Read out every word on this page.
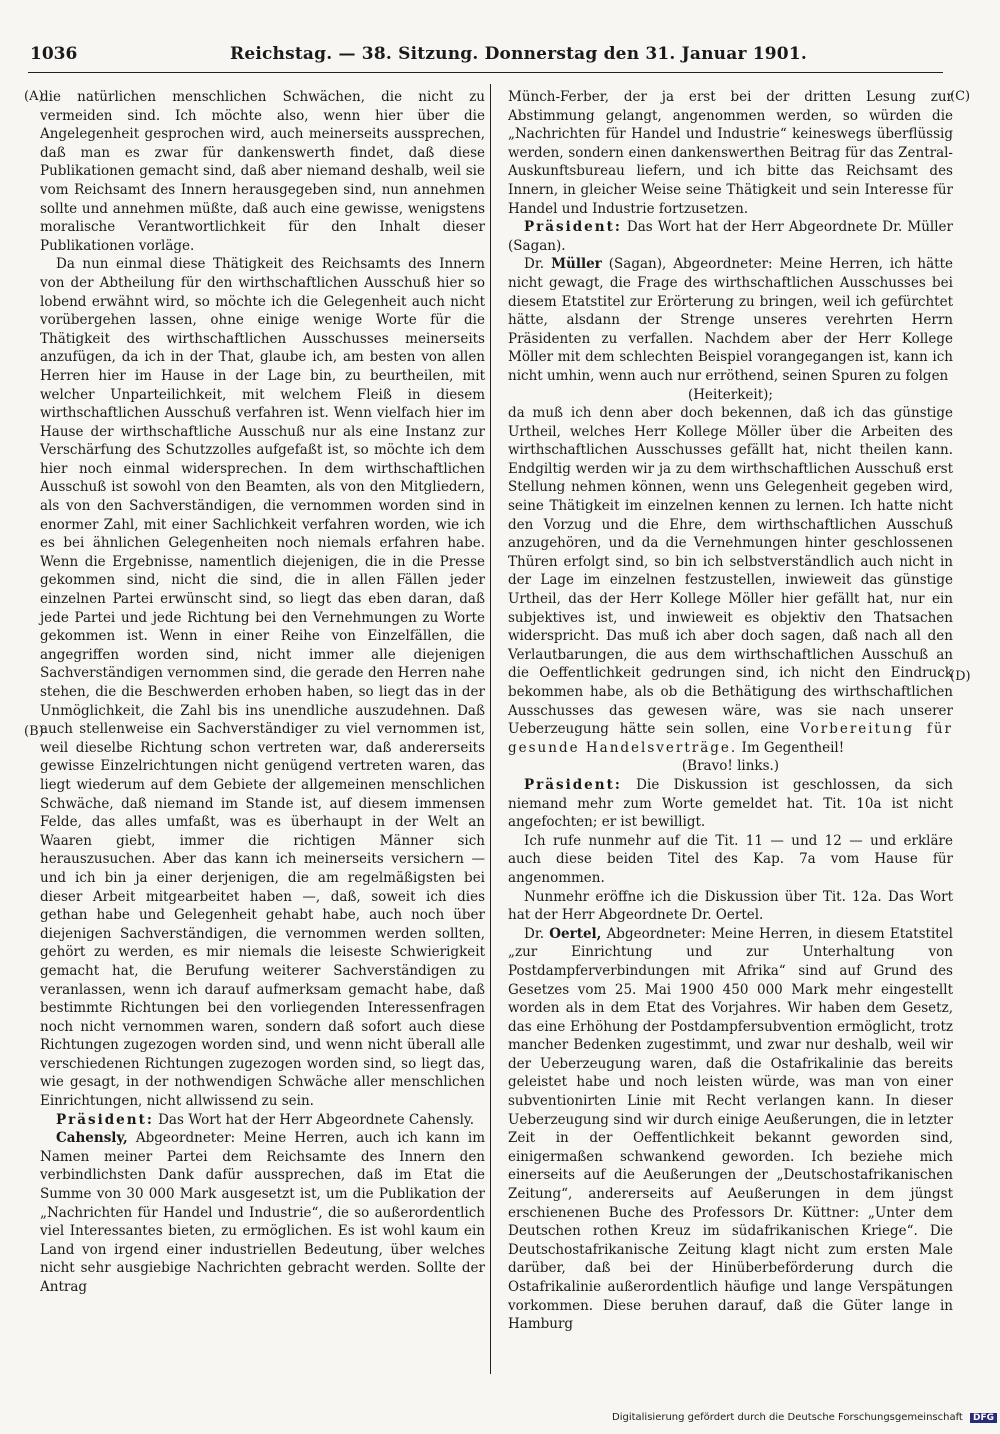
1036	Reichstag. — 38. Sitzung. Donnerstag den 31. Januar 1901.
(A)
(B)
(C)
(D)

die natürlichen menschlichen Schwächen, die nicht zu vermeiden sind. Ich möchte also, wenn hier über die Angelegenheit gesprochen wird, auch meinerseits aussprechen, daß man es zwar für dankenswerth findet, daß diese Publikationen gemacht sind, daß aber niemand deshalb, weil sie vom Reichsamt des Innern herausgegeben sind, nun annehmen sollte und annehmen müßte, daß auch eine gewisse, wenigstens moralische Verantwortlichkeit für den Inhalt dieser Publikationen vorläge.

Da nun einmal diese Thätigkeit des Reichsamts des Innern von der Abtheilung für den wirthschaftlichen Ausschuß hier so lobend erwähnt wird, so möchte ich die Gelegenheit auch nicht vorübergehen lassen, ohne einige wenige Worte für die Thätigkeit des wirthschaftlichen Ausschusses meinerseits anzufügen, da ich in der That, glaube ich, am besten von allen Herren hier im Hause in der Lage bin, zu beurtheilen, mit welcher Unparteilichkeit, mit welchem Fleiß in diesem wirthschaftlichen Ausschuß verfahren ist. Wenn vielfach hier im Hause der wirthschaftliche Ausschuß nur als eine Instanz zur Verschärfung des Schutzzolles aufgefaßt ist, so möchte ich dem hier noch einmal widersprechen. In dem wirthschaftlichen Ausschuß ist sowohl von den Beamten, als von den Mitgliedern, als von den Sachverständigen, die vernommen worden sind in enormer Zahl, mit einer Sachlichkeit verfahren worden, wie ich es bei ähnlichen Gelegenheiten noch niemals erfahren habe. Wenn die Ergebnisse, namentlich diejenigen, die in die Presse gekommen sind, nicht die sind, die in allen Fällen jeder einzelnen Partei erwünscht sind, so liegt das eben daran, daß jede Partei und jede Richtung bei den Vernehmungen zu Worte gekommen ist. Wenn in einer Reihe von Einzelfällen, die angegriffen worden sind, nicht immer alle diejenigen Sachverständigen vernommen sind, die gerade den Herren nahe stehen, die die Beschwerden erhoben haben, so liegt das in der Unmöglichkeit, die Zahl bis ins unendliche auszudehnen. Daß auch stellenweise ein Sachverständiger zu viel vernommen ist, weil dieselbe Richtung schon vertreten war, daß andererseits gewisse Einzelrichtungen nicht genügend vertreten waren, das liegt wiederum auf dem Gebiete der allgemeinen menschlichen Schwäche, daß niemand im Stande ist, auf diesem immensen Felde, das alles umfaßt, was es überhaupt in der Welt an Waaren giebt, immer die richtigen Männer sich herauszusuchen. Aber das kann ich meinerseits versichern — und ich bin ja einer derjenigen, die am regelmäßigsten bei dieser Arbeit mitgearbeitet haben —, daß, soweit ich dies gethan habe und Gelegenheit gehabt habe, auch noch über diejenigen Sachverständigen, die vernommen werden sollten, gehört zu werden, es mir niemals die leiseste Schwierigkeit gemacht hat, die Berufung weiterer Sachverständigen zu veranlassen, wenn ich darauf aufmerksam gemacht habe, daß bestimmte Richtungen bei den vorliegenden Interessenfragen noch nicht vernommen waren, sondern daß sofort auch diese Richtungen zugezogen worden sind, und wenn nicht überall alle verschiedenen Richtungen zugezogen worden sind, so liegt das, wie gesagt, in der nothwendigen Schwäche aller menschlichen Einrichtungen, nicht allwissend zu sein.

Präsident: Das Wort hat der Herr Abgeordnete Cahensly.

Cahensly, Abgeordneter: Meine Herren, auch ich kann im Namen meiner Partei dem Reichsamte des Innern den verbindlichsten Dank dafür aussprechen, daß im Etat die Summe von 30 000 Mark ausgesetzt ist, um die Publikation der „Nachrichten für Handel und Industrie“, die so außerordentlich viel Interessantes bieten, zu ermöglichen. Es ist wohl kaum ein Land von irgend einer industriellen Bedeutung, über welches nicht sehr ausgiebige Nachrichten gebracht werden. Sollte der Antrag

Münch-Ferber, der ja erst bei der dritten Lesung zur Abstimmung gelangt, angenommen werden, so würden die „Nachrichten für Handel und Industrie“ keineswegs überflüssig werden, sondern einen dankenswerthen Beitrag für das Zentral-Auskunftsbureau liefern, und ich bitte das Reichsamt des Innern, in gleicher Weise seine Thätigkeit und sein Interesse für Handel und Industrie fortzusetzen.

Präsident: Das Wort hat der Herr Abgeordnete Dr. Müller (Sagan).

Dr. Müller (Sagan), Abgeordneter: Meine Herren, ich hätte nicht gewagt, die Frage des wirthschaftlichen Ausschusses bei diesem Etatstitel zur Erörterung zu bringen, weil ich gefürchtet hätte, alsdann der Strenge unseres verehrten Herrn Präsidenten zu verfallen. Nachdem aber der Herr Kollege Möller mit dem schlechten Beispiel vorangegangen ist, kann ich nicht umhin, wenn auch nur erröthend, seinen Spuren zu folgen

(Heiterkeit);

da muß ich denn aber doch bekennen, daß ich das günstige Urtheil, welches Herr Kollege Möller über die Arbeiten des wirthschaftlichen Ausschusses gefällt hat, nicht theilen kann. Endgiltig werden wir ja zu dem wirthschaftlichen Ausschuß erst Stellung nehmen können, wenn uns Gelegenheit gegeben wird, seine Thätigkeit im einzelnen kennen zu lernen. Ich hatte nicht den Vorzug und die Ehre, dem wirthschaftlichen Ausschuß anzugehören, und da die Vernehmungen hinter geschlossenen Thüren erfolgt sind, so bin ich selbstverständlich auch nicht in der Lage im einzelnen festzustellen, inwieweit das günstige Urtheil, das der Herr Kollege Möller hier gefällt hat, nur ein subjektives ist, und inwieweit es objektiv den Thatsachen widerspricht. Das muß ich aber doch sagen, daß nach all den Verlautbarungen, die aus dem wirthschaftlichen Ausschuß an die Oeffentlichkeit gedrungen sind, ich nicht den Eindruck bekommen habe, als ob die Bethätigung des wirthschaftlichen Ausschusses das gewesen wäre, was sie nach unserer Ueberzeugung hätte sein sollen, eine Vorbereitung für gesunde Handelsverträge. Im Gegentheil!

(Bravo! links.)

Präsident: Die Diskussion ist geschlossen, da sich niemand mehr zum Worte gemeldet hat. Tit. 10a ist nicht angefochten; er ist bewilligt.

Ich rufe nunmehr auf die Tit. 11 — und 12 — und erkläre auch diese beiden Titel des Kap. 7a vom Hause für angenommen.

Nunmehr eröffne ich die Diskussion über Tit. 12a. Das Wort hat der Herr Abgeordnete Dr. Oertel.

Dr. Oertel, Abgeordneter: Meine Herren, in diesem Etatstitel „zur Einrichtung und zur Unterhaltung von Postdampferverbindungen mit Afrika“ sind auf Grund des Gesetzes vom 25. Mai 1900 450 000 Mark mehr eingestellt worden als in dem Etat des Vorjahres. Wir haben dem Gesetz, das eine Erhöhung der Postdampfersubvention ermöglicht, trotz mancher Bedenken zugestimmt, und zwar nur deshalb, weil wir der Ueberzeugung waren, daß die Ostafrikalinie das bereits geleistet habe und noch leisten würde, was man von einer subventionirten Linie mit Recht verlangen kann. In dieser Ueberzeugung sind wir durch einige Aeußerungen, die in letzter Zeit in der Oeffentlichkeit bekannt geworden sind, einigermaßen schwankend geworden. Ich beziehe mich einerseits auf die Aeußerungen der „Deutschostafrikanischen Zeitung“, andererseits auf Aeußerungen in dem jüngst erschienenen Buche des Professors Dr. Küttner: „Unter dem Deutschen rothen Kreuz im südafrikanischen Kriege“. Die Deutschostafrikanische Zeitung klagt nicht zum ersten Male darüber, daß bei der Hinüberbeförderung durch die Ostafrikalinie außerordentlich häufige und lange Verspätungen vorkommen. Diese beruhen darauf, daß die Güter lange in Hamburg

Digitalisierung gefördert durch die Deutsche Forschungsgemeinschaft DFG
